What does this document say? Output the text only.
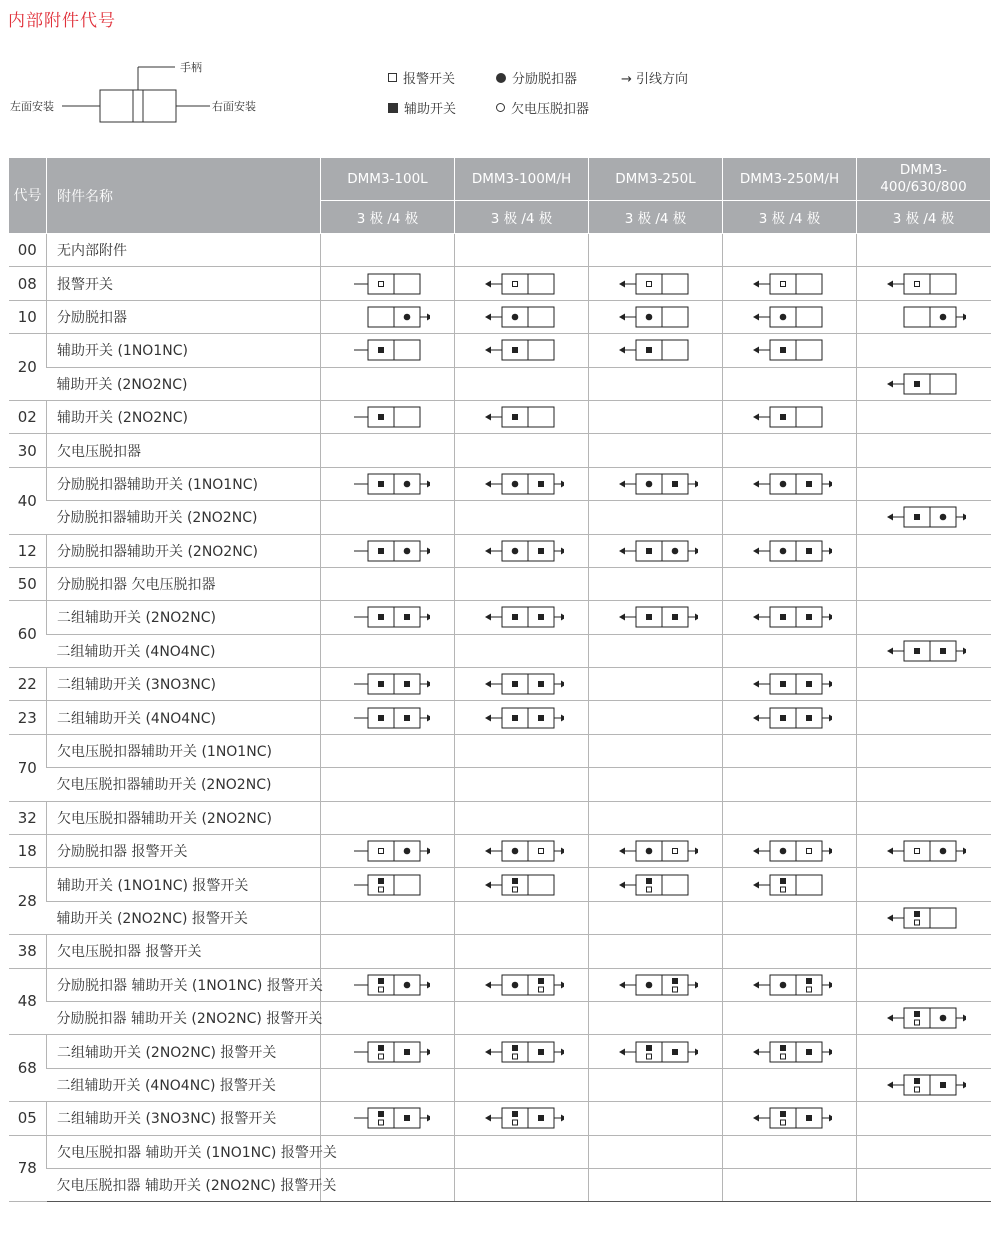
内部附件代号
手柄
左面安装	右面安装
报警开关	分励脱扣器	→ 引线方向
辅助开关	欠电压脱扣器
代号	附件名称	DMM3-100L	DMM3-100M/H	DMM3-250L	DMM3-250M/H	DMM3-400/630/800
		3 极 /4 极	3 极 /4 极	3 极 /4 极	3 极 /4 极	3 极 /4 极
00	无内部附件					
08	报警开关	

10	分励脱扣器	

20	辅助开关 (1NO1NC)	

	辅助开关 (2NO2NC)					

02	辅助开关 (2NO2NC)	

30	欠电压脱扣器					
40	分励脱扣器辅助开关 (1NO1NC)	

	分励脱扣器辅助开关 (2NO2NC)					

12	分励脱扣器辅助开关 (2NO2NC)	

50	分励脱扣器 欠电压脱扣器					
60	二组辅助开关 (2NO2NC)	

	二组辅助开关 (4NO4NC)					

22	二组辅助开关 (3NO3NC)	

23	二组辅助开关 (4NO4NC)	

70	欠电压脱扣器辅助开关 (1NO1NC)					
	欠电压脱扣器辅助开关 (2NO2NC)					
32	欠电压脱扣器辅助开关 (2NO2NC)					
18	分励脱扣器 报警开关	

28	辅助开关 (1NO1NC) 报警开关	

	辅助开关 (2NO2NC) 报警开关					

38	欠电压脱扣器 报警开关					
48	分励脱扣器 辅助开关 (1NO1NC) 报警开关	

	分励脱扣器 辅助开关 (2NO2NC) 报警开关					

68	二组辅助开关 (2NO2NC) 报警开关	

	二组辅助开关 (4NO4NC) 报警开关					

05	二组辅助开关 (3NO3NC) 报警开关	

78	欠电压脱扣器 辅助开关 (1NO1NC) 报警开关					
	欠电压脱扣器 辅助开关 (2NO2NC) 报警开关					
